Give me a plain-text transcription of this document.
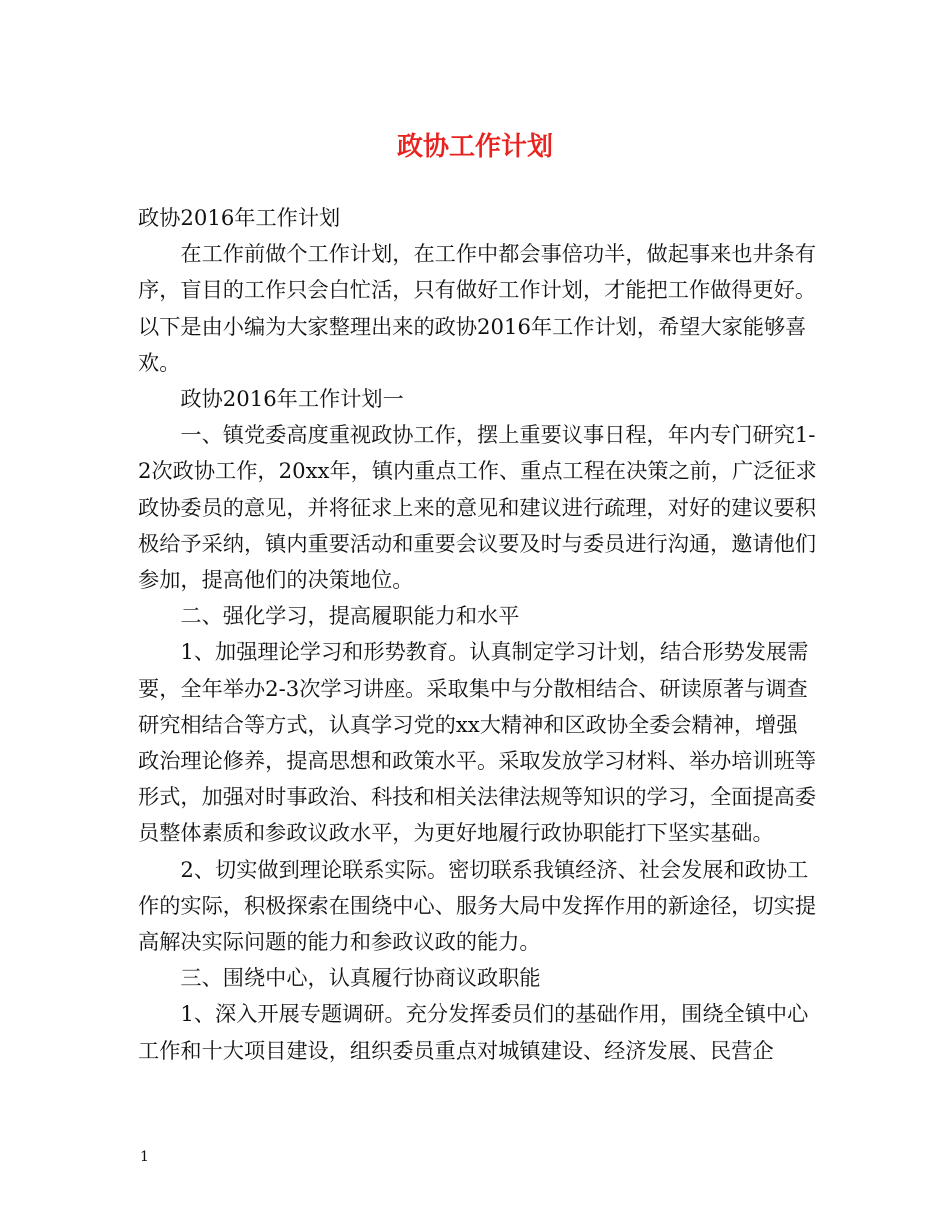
政协工作计划

政协2016年工作计划

在工作前做个工作计划，在工作中都会事倍功半，做起事来也井条有序，盲目的工作只会白忙活，只有做好工作计划，才能把工作做得更好。以下是由小编为大家整理出来的政协2016年工作计划，希望大家能够喜欢。

政协2016年工作计划一

一、镇党委高度重视政协工作，摆上重要议事日程，年内专门研究1-2次政协工作，20xx年，镇内重点工作、重点工程在决策之前，广泛征求政协委员的意见，并将征求上来的意见和建议进行疏理，对好的建议要积极给予采纳，镇内重要活动和重要会议要及时与委员进行沟通，邀请他们参加，提高他们的决策地位。

二、强化学习，提高履职能力和水平

1、加强理论学习和形势教育。认真制定学习计划，结合形势发展需要，全年举办2-3次学习讲座。采取集中与分散相结合、研读原著与调查研究相结合等方式，认真学习党的xx大精神和区政协全委会精神，增强政治理论修养，提高思想和政策水平。采取发放学习材料、举办培训班等形式，加强对时事政治、科技和相关法律法规等知识的学习，全面提高委员整体素质和参政议政水平，为更好地履行政协职能打下坚实基础。

2、切实做到理论联系实际。密切联系我镇经济、社会发展和政协工作的实际，积极探索在围绕中心、服务大局中发挥作用的新途径，切实提高解决实际问题的能力和参政议政的能力。

三、围绕中心，认真履行协商议政职能

1、深入开展专题调研。充分发挥委员们的基础作用，围绕全镇中心工作和十大项目建设，组织委员重点对城镇建设、经济发展、民营企

1
